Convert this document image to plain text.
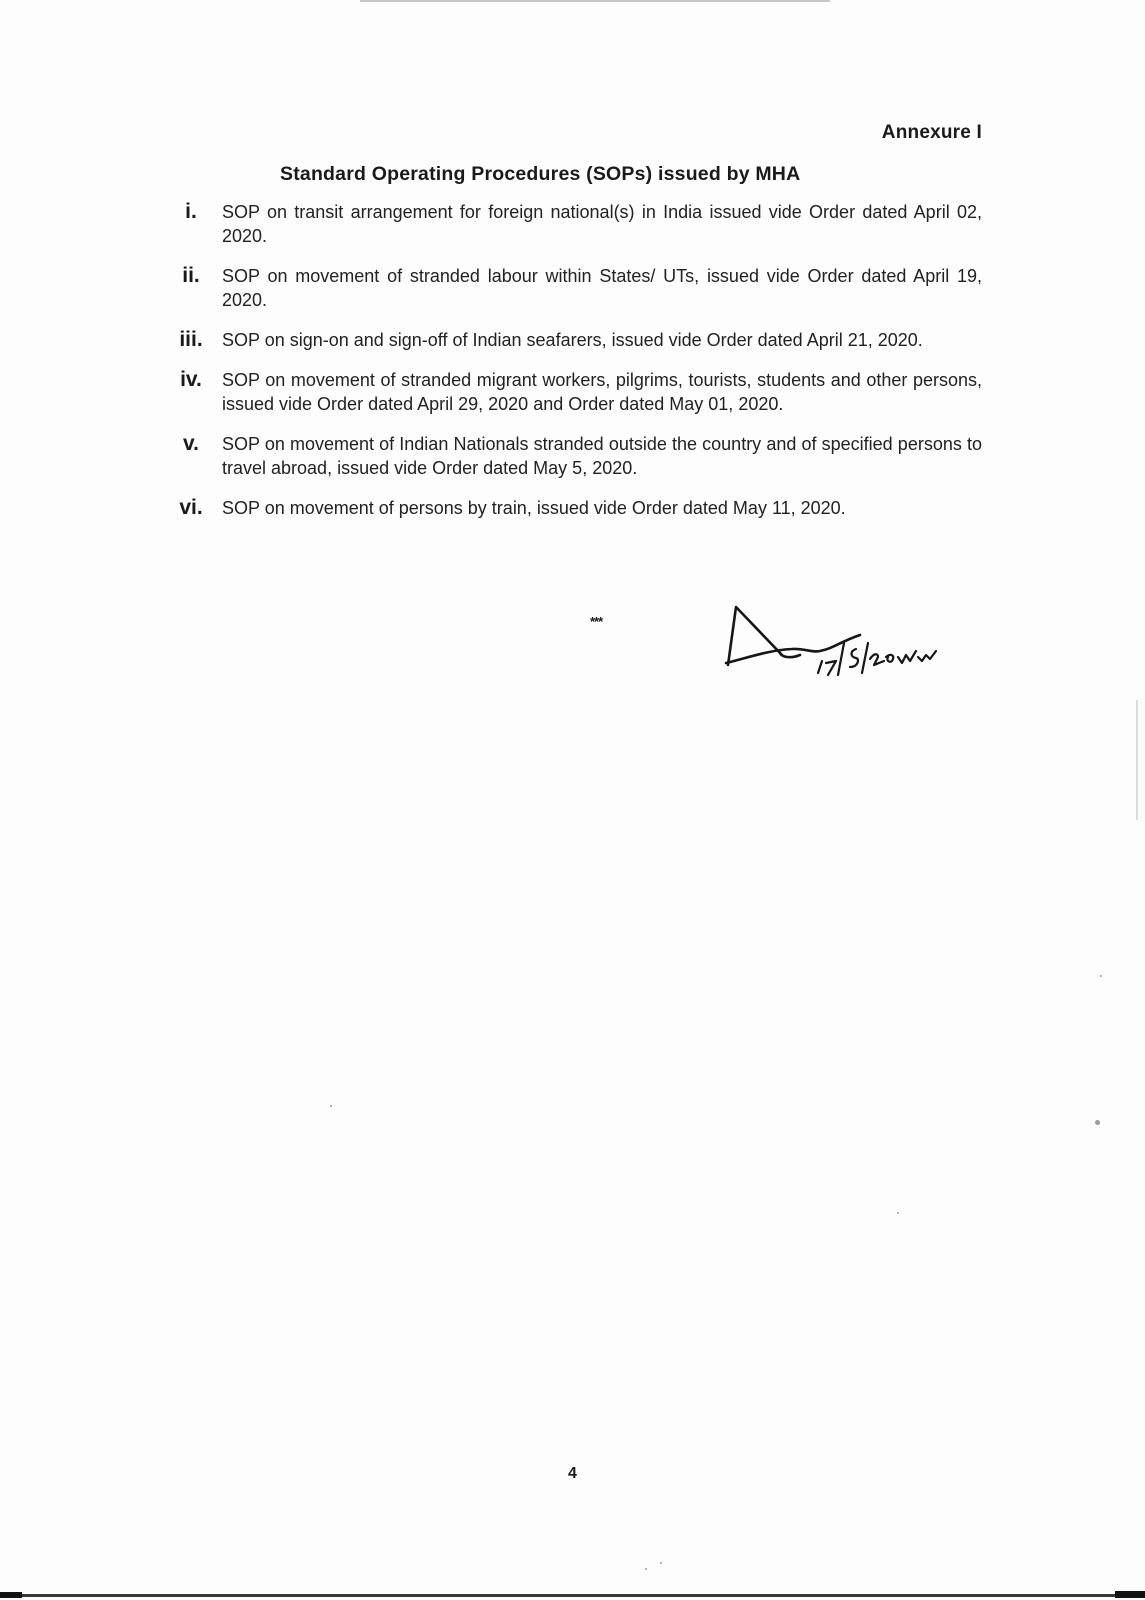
Annexure I
Standard Operating Procedures (SOPs) issued by MHA
i.	SOP on transit arrangement for foreign national(s) in India issued vide Order dated April 02, 2020.
ii.	SOP on movement of stranded labour within States/ UTs, issued vide Order dated April 19, 2020.
iii.	SOP on sign-on and sign-off of Indian seafarers, issued vide Order dated April 21, 2020.
iv.	SOP on movement of stranded migrant workers, pilgrims, tourists, students and other persons, issued vide Order dated April 29, 2020 and Order dated May 01, 2020.
v.	SOP on movement of Indian Nationals stranded outside the country and of specified persons to travel abroad, issued vide Order dated May 5, 2020.
vi.	SOP on movement of persons by train, issued vide Order dated May 11, 2020.
***
4
